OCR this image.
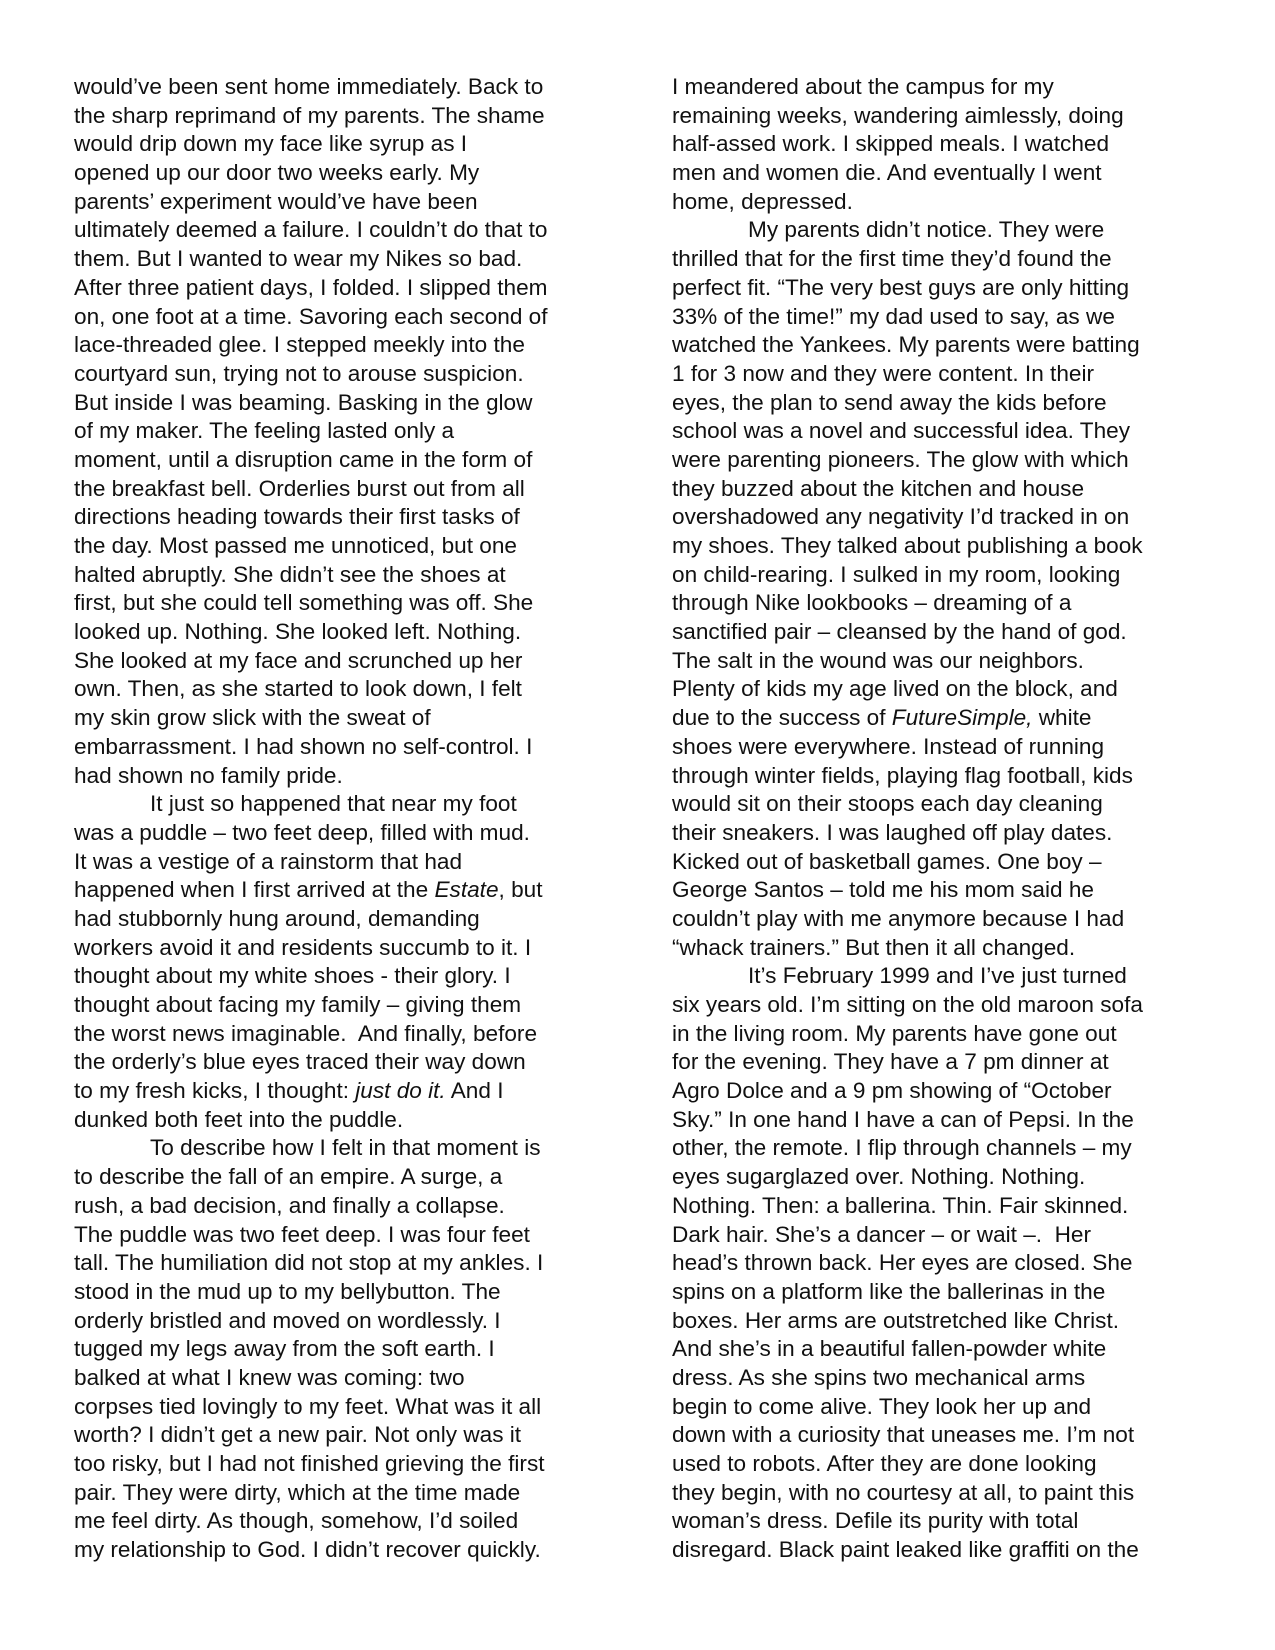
would’ve been sent home immediately. Back to
the sharp reprimand of my parents. The shame
would drip down my face like syrup as I
opened up our door two weeks early. My
parents’ experiment would’ve have been
ultimately deemed a failure. I couldn’t do that to
them. But I wanted to wear my Nikes so bad.
After three patient days, I folded. I slipped them
on, one foot at a time. Savoring each second of
lace-threaded glee. I stepped meekly into the
courtyard sun, trying not to arouse suspicion.
But inside I was beaming. Basking in the glow
of my maker. The feeling lasted only a
moment, until a disruption came in the form of
the breakfast bell. Orderlies burst out from all
directions heading towards their first tasks of
the day. Most passed me unnoticed, but one
halted abruptly. She didn’t see the shoes at
first, but she could tell something was off. She
looked up. Nothing. She looked left. Nothing.
She looked at my face and scrunched up her
own. Then, as she started to look down, I felt
my skin grow slick with the sweat of
embarrassment. I had shown no self-control. I
had shown no family pride.
It just so happened that near my foot
was a puddle – two feet deep, filled with mud.
It was a vestige of a rainstorm that had
happened when I first arrived at the Estate, but
had stubbornly hung around, demanding
workers avoid it and residents succumb to it. I
thought about my white shoes - their glory. I
thought about facing my family – giving them
the worst news imaginable.  And finally, before
the orderly’s blue eyes traced their way down
to my fresh kicks, I thought: just do it. And I
dunked both feet into the puddle.
To describe how I felt in that moment is
to describe the fall of an empire. A surge, a
rush, a bad decision, and finally a collapse.
The puddle was two feet deep. I was four feet
tall. The humiliation did not stop at my ankles. I
stood in the mud up to my bellybutton. The
orderly bristled and moved on wordlessly. I
tugged my legs away from the soft earth. I
balked at what I knew was coming: two
corpses tied lovingly to my feet. What was it all
worth? I didn’t get a new pair. Not only was it
too risky, but I had not finished grieving the first
pair. They were dirty, which at the time made
me feel dirty. As though, somehow, I’d soiled
my relationship to God. I didn’t recover quickly.
I meandered about the campus for my
remaining weeks, wandering aimlessly, doing
half-assed work. I skipped meals. I watched
men and women die. And eventually I went
home, depressed.
My parents didn’t notice. They were
thrilled that for the first time they’d found the
perfect fit. “The very best guys are only hitting
33% of the time!” my dad used to say, as we
watched the Yankees. My parents were batting
1 for 3 now and they were content. In their
eyes, the plan to send away the kids before
school was a novel and successful idea. They
were parenting pioneers. The glow with which
they buzzed about the kitchen and house
overshadowed any negativity I’d tracked in on
my shoes. They talked about publishing a book
on child-rearing. I sulked in my room, looking
through Nike lookbooks – dreaming of a
sanctified pair – cleansed by the hand of god.
The salt in the wound was our neighbors.
Plenty of kids my age lived on the block, and
due to the success of FutureSimple, white
shoes were everywhere. Instead of running
through winter fields, playing flag football, kids
would sit on their stoops each day cleaning
their sneakers. I was laughed off play dates.
Kicked out of basketball games. One boy –
George Santos – told me his mom said he
couldn’t play with me anymore because I had
“whack trainers.” But then it all changed.
It’s February 1999 and I’ve just turned
six years old. I’m sitting on the old maroon sofa
in the living room. My parents have gone out
for the evening. They have a 7 pm dinner at
Agro Dolce and a 9 pm showing of “October
Sky.” In one hand I have a can of Pepsi. In the
other, the remote. I flip through channels – my
eyes sugarglazed over. Nothing. Nothing.
Nothing. Then: a ballerina. Thin. Fair skinned.
Dark hair. She’s a dancer – or wait –.  Her
head’s thrown back. Her eyes are closed. She
spins on a platform like the ballerinas in the
boxes. Her arms are outstretched like Christ.
And she’s in a beautiful fallen-powder white
dress. As she spins two mechanical arms
begin to come alive. They look her up and
down with a curiosity that uneases me. I’m not
used to robots. After they are done looking
they begin, with no courtesy at all, to paint this
woman’s dress. Defile its purity with total
disregard. Black paint leaked like graffiti on the
